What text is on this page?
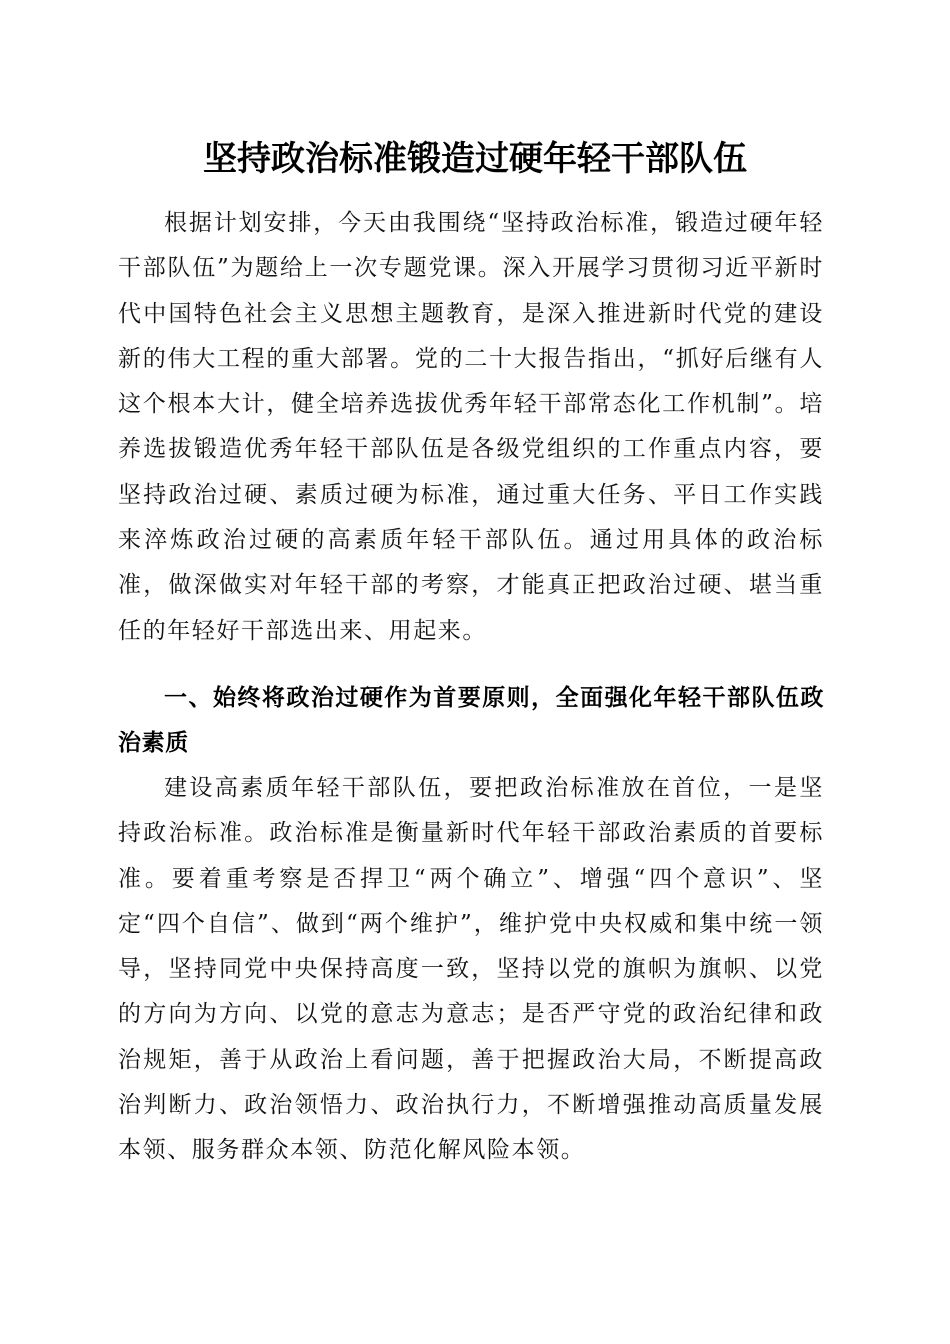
坚持政治标准锻造过硬年轻干部队伍

根据计划安排，今天由我围绕“坚持政治标准，锻造过硬年轻干部队伍”为题给上一次专题党课。深入开展学习贯彻习近平新时代中国特色社会主义思想主题教育，是深入推进新时代党的建设新的伟大工程的重大部署。党的二十大报告指出，“抓好后继有人这个根本大计，健全培养选拔优秀年轻干部常态化工作机制”。培养选拔锻造优秀年轻干部队伍是各级党组织的工作重点内容，要坚持政治过硬、素质过硬为标准，通过重大任务、平日工作实践来淬炼政治过硬的高素质年轻干部队伍。通过用具体的政治标准，做深做实对年轻干部的考察，才能真正把政治过硬、堪当重任的年轻好干部选出来、用起来。

一、始终将政治过硬作为首要原则，全面强化年轻干部队伍政治素质

建设高素质年轻干部队伍，要把政治标准放在首位，一是坚持政治标准。政治标准是衡量新时代年轻干部政治素质的首要标准。要着重考察是否捍卫“两个确立”、增强“四个意识”、坚定“四个自信”、做到“两个维护”，维护党中央权威和集中统一领导，坚持同党中央保持高度一致，坚持以党的旗帜为旗帜、以党的方向为方向、以党的意志为意志；是否严守党的政治纪律和政治规矩，善于从政治上看问题，善于把握政治大局，不断提高政治判断力、政治领悟力、政治执行力，不断增强推动高质量发展本领、服务群众本领、防范化解风险本领。
